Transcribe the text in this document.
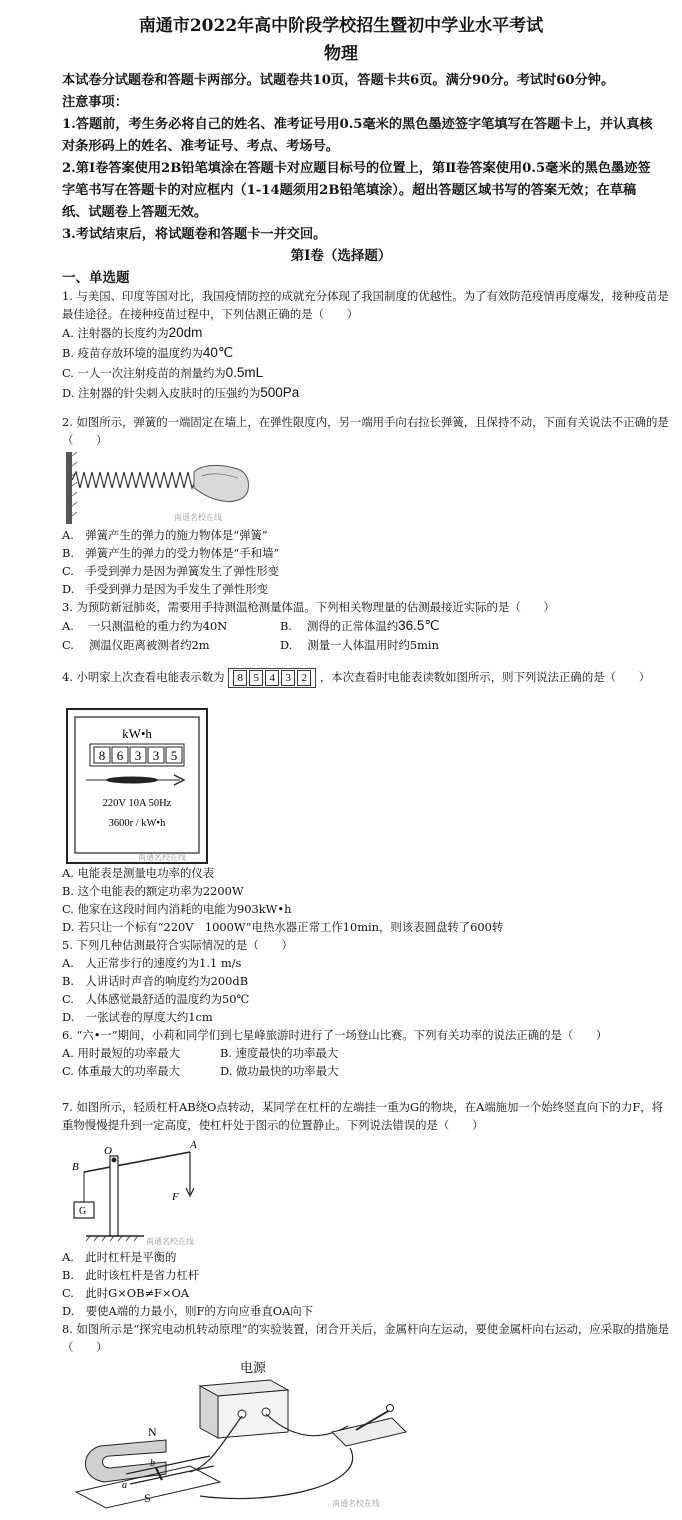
南通市2022年高中阶段学校招生暨初中学业水平考试
物理

本试卷分试题卷和答题卡两部分。试题卷共10页，答题卡共6页。满分90分。考试时60分钟。

注意事项：

1.答题前，考生务必将自己的姓名、准考证号用0.5毫米的黑色墨迹签字笔填写在答题卡上，并认真核对条形码上的姓名、准考证号、考点、考场号。

2.第Ⅰ卷答案使用2B铅笔填涂在答题卡对应题目标号的位置上，第Ⅱ卷答案使用0.5毫米的黑色墨迹签字笔书写在答题卡的对应框内（1-14题须用2B铅笔填涂）。超出答题区域书写的答案无效；在草稿纸、试题卷上答题无效。

3.考试结束后，将试题卷和答题卡一并交回。

第Ⅰ卷（选择题）
一、单选题

1. 与美国、印度等国对比，我国疫情防控的成就充分体现了我国制度的优越性。为了有效防范疫情再度爆发，接种疫苗是最佳途径。在接种疫苗过程中，下列估测正确的是（　　）

A. 注射器的长度约为20dm

B. 疫苗存放环境的温度约为40℃

C. 一人一次注射疫苗的剂量约为0.5mL

D. 注射器的针尖刺入皮肤时的压强约为500Pa

2. 如图所示，弹簧的一端固定在墙上，在弹性限度内，另一端用手向右拉长弹簧，且保持不动，下面有关说法不正确的是（　　）

南通名校在线

A.　弹簧产生的弹力的施力物体是“弹簧”

B.　弹簧产生的弹力的受力物体是“手和墙”

C.　手受到弹力是因为弹簧发生了弹性形变

D.　手受到弹力是因为手发生了弹性形变

3. 为预防新冠肺炎，需要用手持测温枪测量体温。下列相关物理量的估测最接近实际的是（　　）

A.　 一只测温枪的重力约为40N	B.　 测得的正常体温约36.5℃

C.　 测温仪距离被测者约2m	D.　 测量一人体温用时约5min

4. 小明家上次查看电能表示数为 8 5 4 3 2 ，本次查看时电能表读数如图所示，则下列说法正确的是（　　）

kW•h
8 6 3 3 5
220V 10A 50Hz
3600r / kW•h
南通名校在线

A. 电能表是测量电功率的仪表

B. 这个电能表的额定功率为2200W

C. 他家在这段时间内消耗的电能为903kW•h

D. 若只让一个标有“220V　1000W”电热水器正常工作10min，则该表圆盘转了600转

5. 下列几种估测最符合实际情况的是（　　）

A.　人正常步行的速度约为1.1 m/s

B.　人讲话时声音的响度约为200dB

C.　人体感觉最舒适的温度约为50℃

D.　一张试卷的厚度大约1cm

6. “六•一”期间，小莉和同学们到七星峰旅游时进行了一场登山比赛。下列有关功率的说法正确的是（　　）

A. 用时最短的功率最大	B. 速度最快的功率最大

C. 体重最大的功率最大	D. 做功最快的功率最大

7. 如图所示，轻质杠杆AB绕O点转动，某同学在杠杆的左端挂一重为G的物块，在A端施加一个始终竖直向下的力F，将重物慢慢提升到一定高度，使杠杆处于图示的位置静止。下列说法错误的是（　　）

A
B
O
F
G
南通名校在线

A.　此时杠杆是平衡的

B.　此时该杠杆是省力杠杆

C.　此时G×OB≠F×OA

D.　要使A端的力最小，则F的方向应垂直OA向下

8. 如图所示是“探究电动机转动原理”的实验装置，闭合开关后，金属杆向左运动，要使金属杆向右运动，应采取的措施是（　　）

电源
N
S
b
a
南通名校在线
